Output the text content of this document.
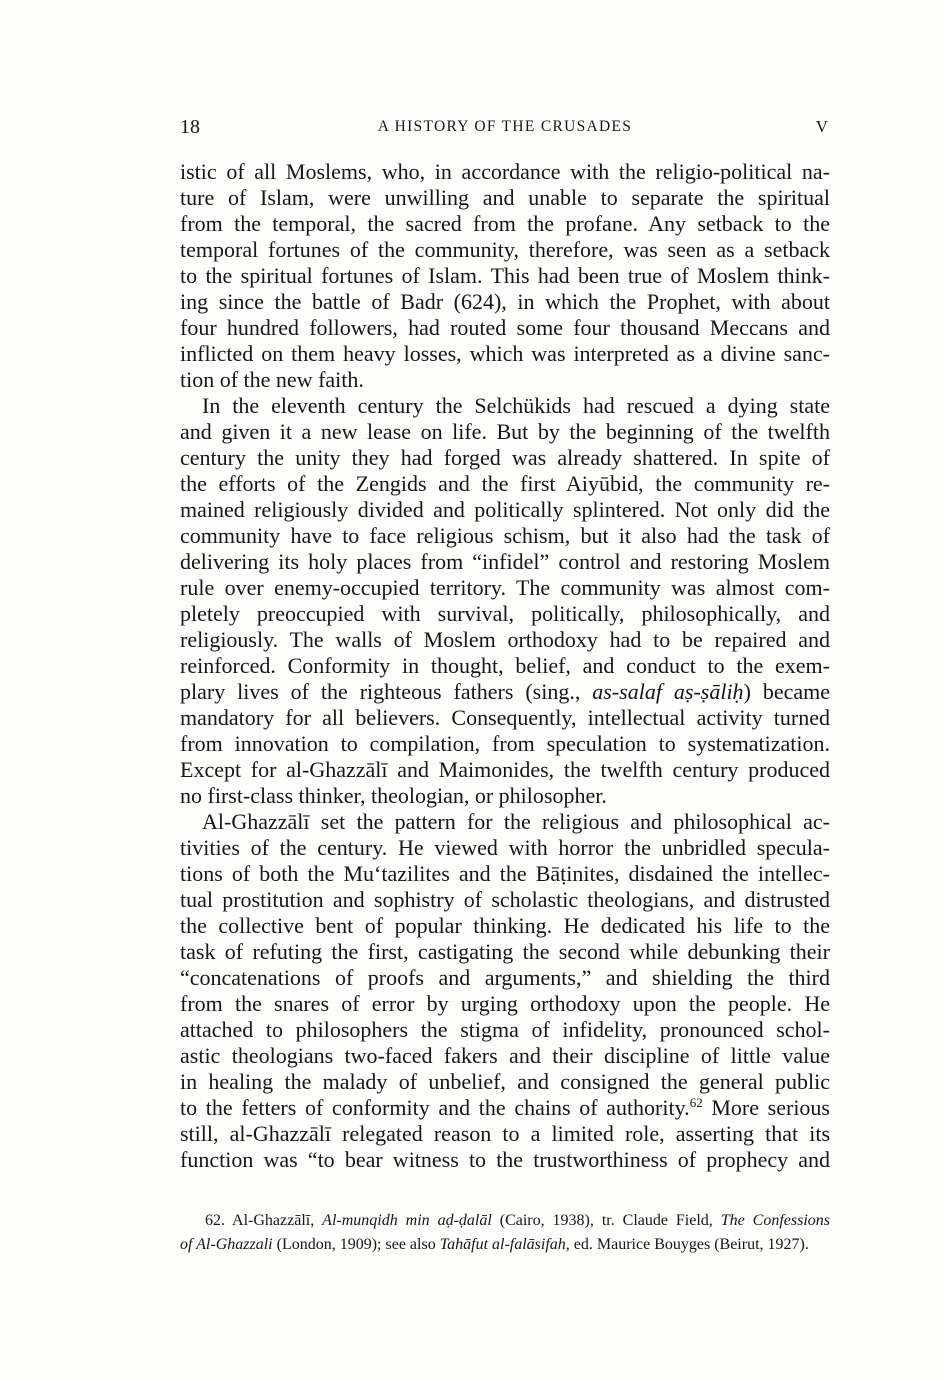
18	A HISTORY OF THE CRUSADES	V
istic of all Moslems, who, in accordance with the religio-political na-
ture of Islam, were unwilling and unable to separate the spiritual
from the temporal, the sacred from the profane. Any setback to the
temporal fortunes of the community, therefore, was seen as a setback
to the spiritual fortunes of Islam. This had been true of Moslem think-
ing since the battle of Badr (624), in which the Prophet, with about
four hundred followers, had routed some four thousand Meccans and
inflicted on them heavy losses, which was interpreted as a divine sanc-
tion of the new faith.
In the eleventh century the Selchükids had rescued a dying state
and given it a new lease on life. But by the beginning of the twelfth
century the unity they had forged was already shattered. In spite of
the efforts of the Zengids and the first Aiyūbid, the community re-
mained religiously divided and politically splintered. Not only did the
community have to face religious schism, but it also had the task of
delivering its holy places from “infidel” control and restoring Moslem
rule over enemy-occupied territory. The community was almost com-
pletely preoccupied with survival, politically, philosophically, and
religiously. The walls of Moslem orthodoxy had to be repaired and
reinforced. Conformity in thought, belief, and conduct to the exem-
plary lives of the righteous fathers (sing., as-salaf aṣ-ṣāliḥ) became
mandatory for all believers. Consequently, intellectual activity turned
from innovation to compilation, from speculation to systematization.
Except for al-Ghazzālī and Maimonides, the twelfth century produced
no first-class thinker, theologian, or philosopher.
Al-Ghazzālī set the pattern for the religious and philosophical ac-
tivities of the century. He viewed with horror the unbridled specula-
tions of both the Mu‘tazilites and the Bāṭinites, disdained the intellec-
tual prostitution and sophistry of scholastic theologians, and distrusted
the collective bent of popular thinking. He dedicated his life to the
task of refuting the first, castigating the second while debunking their
“concatenations of proofs and arguments,” and shielding the third
from the snares of error by urging orthodoxy upon the people. He
attached to philosophers the stigma of infidelity, pronounced schol-
astic theologians two-faced fakers and their discipline of little value
in healing the malady of unbelief, and consigned the general public
to the fetters of conformity and the chains of authority.$^{62}$ More serious
still, al-Ghazzālī relegated reason to a limited role, asserting that its
function was “to bear witness to the trustworthiness of prophecy and
62. Al-Ghazzālī, Al-munqidh min aḍ-ḍalāl (Cairo, 1938), tr. Claude Field, The Confessions
of Al-Ghazzali (London, 1909); see also Tahāfut al-falāsifah, ed. Maurice Bouyges (Beirut, 1927).
